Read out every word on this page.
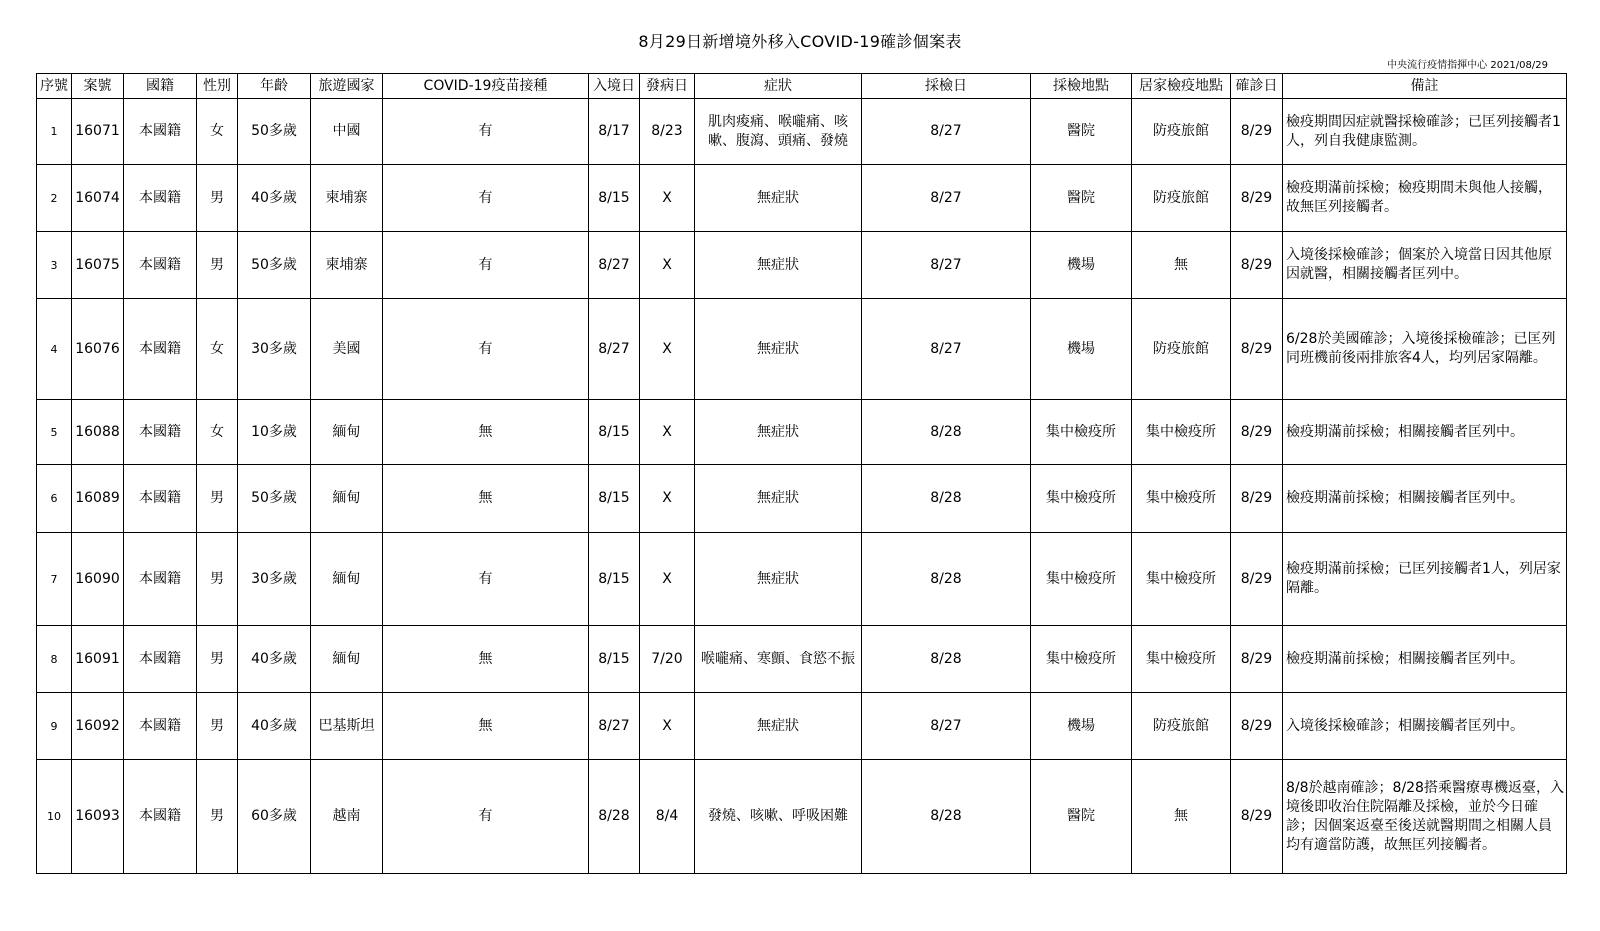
8月29日新增境外移入COVID-19確診個案表
中央流行疫情指揮中心 2021/08/29
序號	案號	國籍	性別	年齡	旅遊國家	COVID-19疫苗接種	入境日	發病日	症狀	採檢日	採檢地點	居家檢疫地點	確診日	備註
1	16071	本國籍	女	50多歲	中國	有	8/17	8/23	肌肉痠痛、喉嚨痛、咳嗽、腹瀉、頭痛、發燒	8/27	醫院	防疫旅館	8/29	檢疫期間因症就醫採檢確診；已匡列接觸者1人，列自我健康監測。
2	16074	本國籍	男	40多歲	柬埔寨	有	8/15	X	無症狀	8/27	醫院	防疫旅館	8/29	檢疫期滿前採檢；檢疫期間未與他人接觸，故無匡列接觸者。
3	16075	本國籍	男	50多歲	柬埔寨	有	8/27	X	無症狀	8/27	機場	無	8/29	入境後採檢確診；個案於入境當日因其他原因就醫，相關接觸者匡列中。
4	16076	本國籍	女	30多歲	美國	有	8/27	X	無症狀	8/27	機場	防疫旅館	8/29	6/28於美國確診；入境後採檢確診；已匡列同班機前後兩排旅客4人，均列居家隔離。
5	16088	本國籍	女	10多歲	緬甸	無	8/15	X	無症狀	8/28	集中檢疫所	集中檢疫所	8/29	檢疫期滿前採檢；相關接觸者匡列中。
6	16089	本國籍	男	50多歲	緬甸	無	8/15	X	無症狀	8/28	集中檢疫所	集中檢疫所	8/29	檢疫期滿前採檢；相關接觸者匡列中。
7	16090	本國籍	男	30多歲	緬甸	有	8/15	X	無症狀	8/28	集中檢疫所	集中檢疫所	8/29	檢疫期滿前採檢；已匡列接觸者1人，列居家隔離。
8	16091	本國籍	男	40多歲	緬甸	無	8/15	7/20	喉嚨痛、寒顫、食慾不振	8/28	集中檢疫所	集中檢疫所	8/29	檢疫期滿前採檢；相關接觸者匡列中。
9	16092	本國籍	男	40多歲	巴基斯坦	無	8/27	X	無症狀	8/27	機場	防疫旅館	8/29	入境後採檢確診；相關接觸者匡列中。
10	16093	本國籍	男	60多歲	越南	有	8/28	8/4	發燒、咳嗽、呼吸困難	8/28	醫院	無	8/29	8/8於越南確診；8/28搭乘醫療專機返臺，入境後即收治住院隔離及採檢，並於今日確診；因個案返臺至後送就醫期間之相關人員均有適當防護，故無匡列接觸者。
